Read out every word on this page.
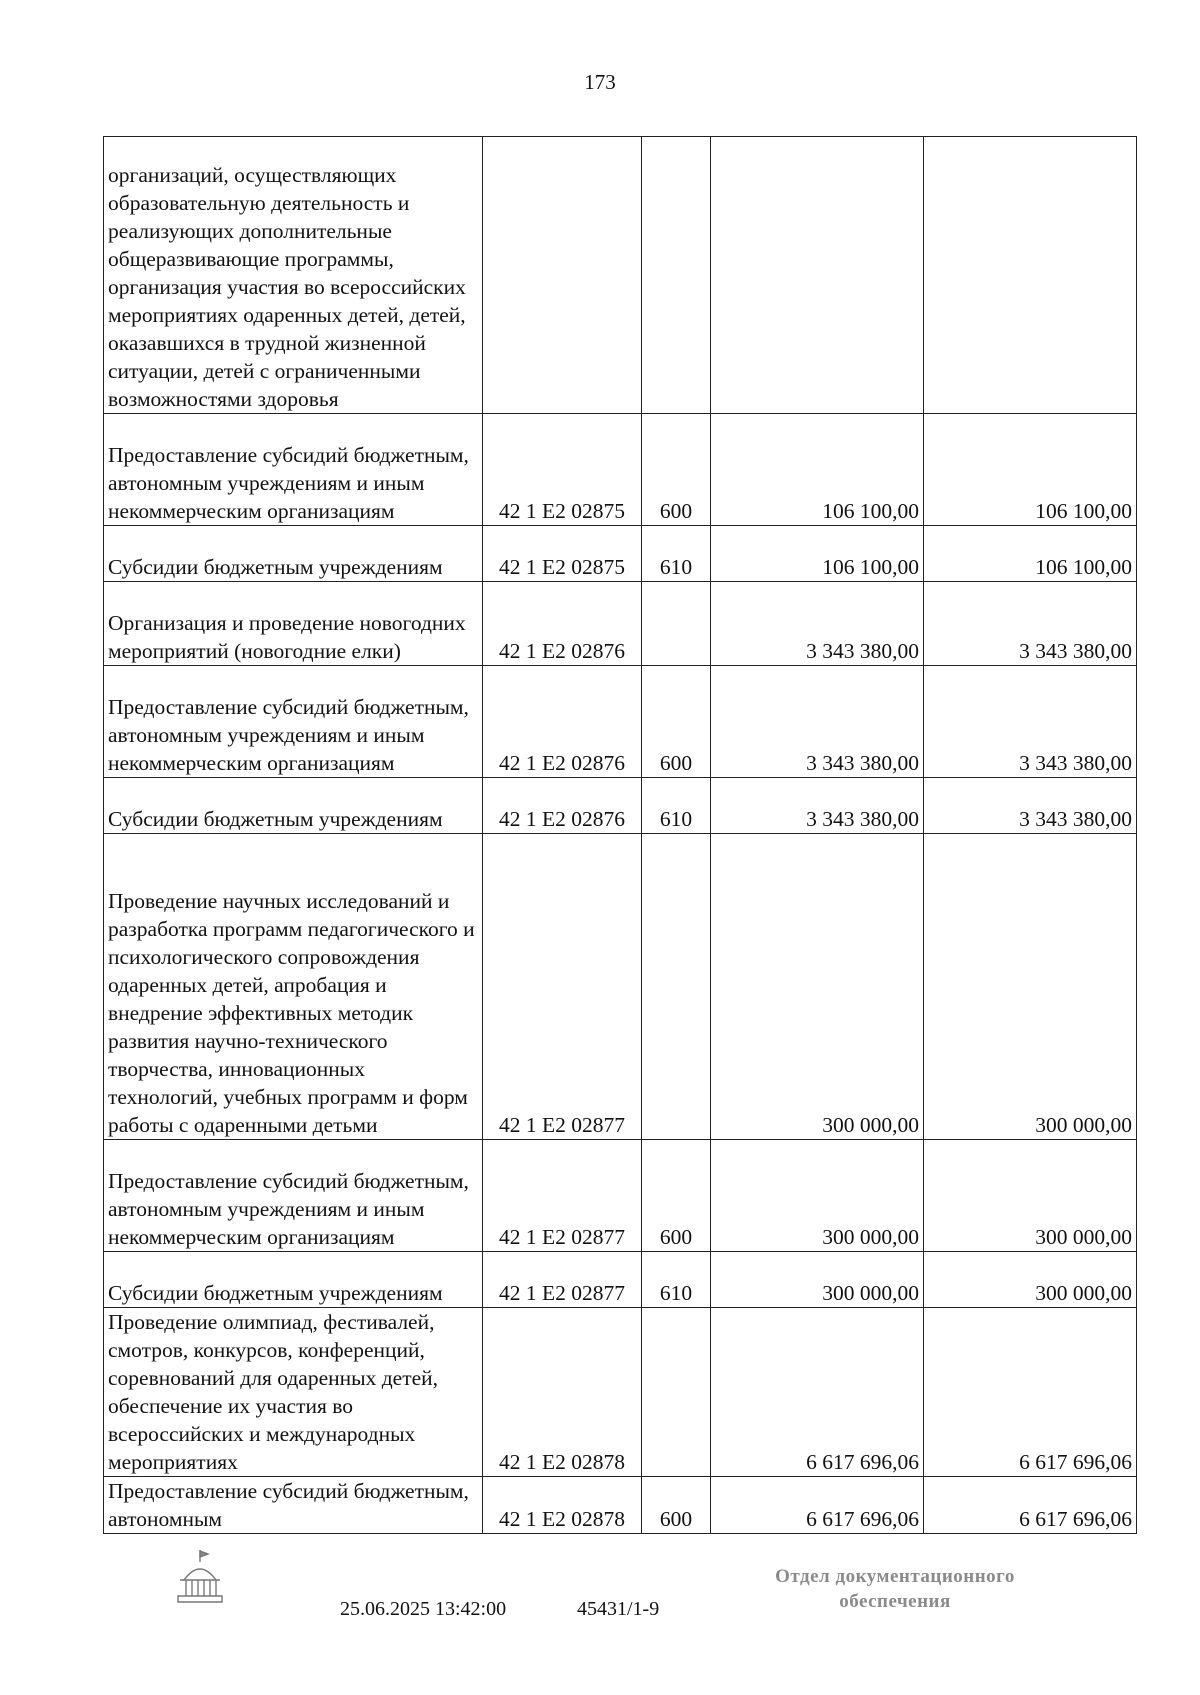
173
организаций, осуществляющих образовательную деятельность и реализующих дополнительные общеразвивающие программы, организация участия во всероссийских мероприятиях одаренных детей, детей, оказавшихся в трудной жизненной ситуации, детей с ограниченными возможностями здоровья				
Предоставление субсидий бюджетным, автономным учреждениям и иным некоммерческим организациям	42 1 E2 02875	600	106 100,00	106 100,00
Субсидии бюджетным учреждениям	42 1 E2 02875	610	106 100,00	106 100,00
Организация и проведение новогодних мероприятий (новогодние елки)	42 1 E2 02876		3 343 380,00	3 343 380,00
Предоставление субсидий бюджетным, автономным учреждениям и иным некоммерческим организациям	42 1 E2 02876	600	3 343 380,00	3 343 380,00
Субсидии бюджетным учреждениям	42 1 E2 02876	610	3 343 380,00	3 343 380,00
Проведение научных исследований и разработка программ педагогического и психологического сопровождения одаренных детей, апробация и внедрение эффективных методик развития научно-технического творчества, инновационных технологий, учебных программ и форм работы с одаренными детьми	42 1 E2 02877		300 000,00	300 000,00
Предоставление субсидий бюджетным, автономным учреждениям и иным некоммерческим организациям	42 1 E2 02877	600	300 000,00	300 000,00
Субсидии бюджетным учреждениям	42 1 E2 02877	610	300 000,00	300 000,00
Проведение олимпиад, фестивалей, смотров, конкурсов, конференций, соревнований для одаренных детей, обеспечение их участия во всероссийских и международных мероприятиях	42 1 E2 02878		6 617 696,06	6 617 696,06
Предоставление субсидий бюджетным, автономным	42 1 E2 02878	600	6 617 696,06	6 617 696,06
25.06.2025 13:42:00	45431/1-9
Отдел документационного
обеспечения
